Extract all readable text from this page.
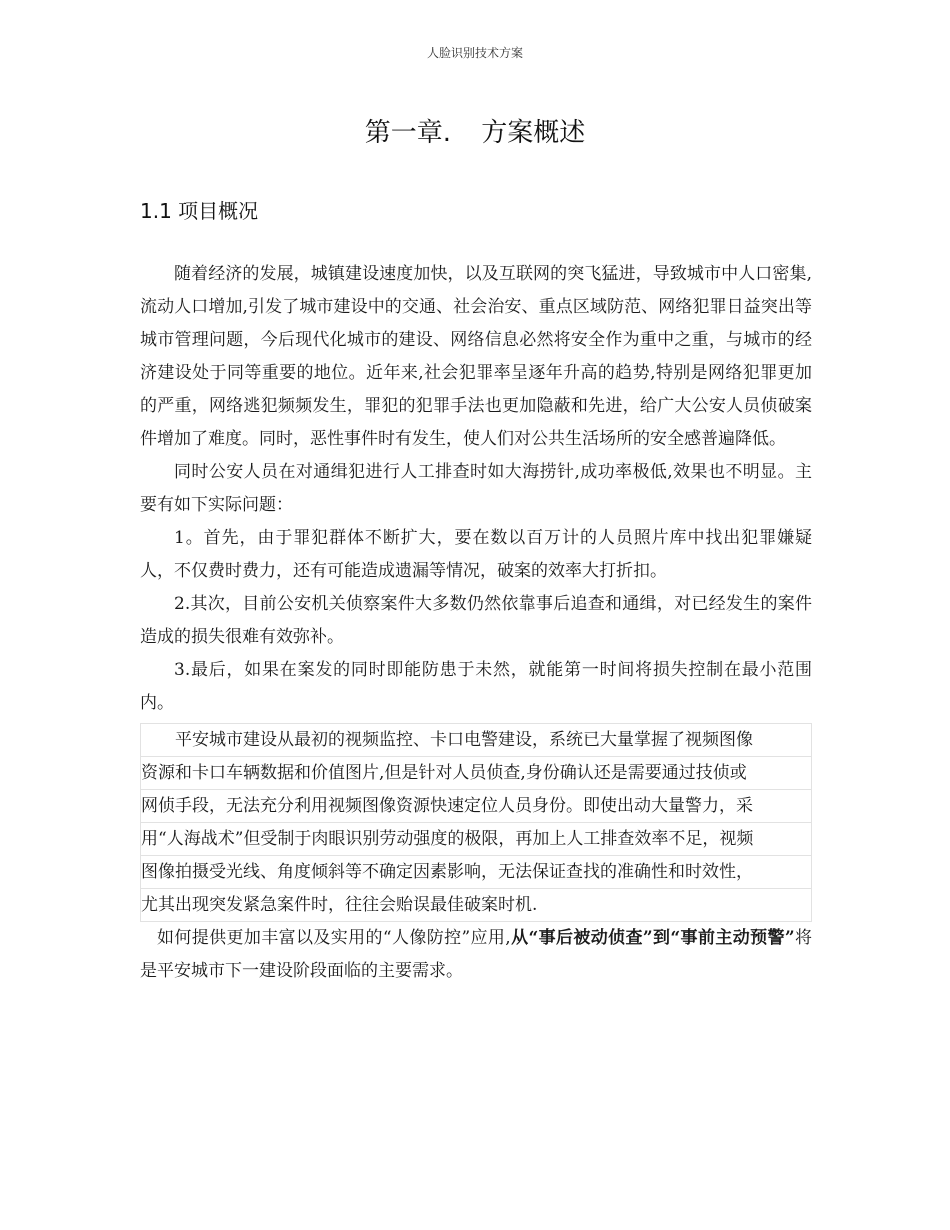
人脸识别技术方案
第一章. 方案概述
1.1 项目概况

随着经济的发展，城镇建设速度加快，以及互联网的突飞猛进，导致城市中人口密集,流动人口增加,引发了城市建设中的交通、社会治安、重点区域防范、网络犯罪日益突出等城市管理问题，今后现代化城市的建设、网络信息必然将安全作为重中之重，与城市的经济建设处于同等重要的地位。近年来,社会犯罪率呈逐年升高的趋势,特别是网络犯罪更加的严重，网络逃犯频频发生，罪犯的犯罪手法也更加隐蔽和先进，给广大公安人员侦破案件增加了难度。同时，恶性事件时有发生，使人们对公共生活场所的安全感普遍降低。

同时公安人员在对通缉犯进行人工排查时如大海捞针,成功率极低,效果也不明显。主要有如下实际问题：

1。首先，由于罪犯群体不断扩大，要在数以百万计的人员照片库中找出犯罪嫌疑人，不仅费时费力，还有可能造成遗漏等情况，破案的效率大打折扣。

2.其次，目前公安机关侦察案件大多数仍然依靠事后追查和通缉，对已经发生的案件造成的损失很难有效弥补。

3.最后，如果在案发的同时即能防患于未然，就能第一时间将损失控制在最小范围内。

平安城市建设从最初的视频监控、卡口电警建设，系统已大量掌握了视频图像
资源和卡口车辆数据和价值图片,但是针对人员侦查,身份确认还是需要通过技侦或
网侦手段，无法充分利用视频图像资源快速定位人员身份。即使出动大量警力，采
用“人海战术”但受制于肉眼识别劳动强度的极限，再加上人工排查效率不足，视频
图像拍摄受光线、角度倾斜等不确定因素影响，无法保证查找的准确性和时效性，
尤其出现突发紧急案件时，往往会贻误最佳破案时机.

如何提供更加丰富以及实用的“人像防控”应用,从“事后被动侦查”到“事前主动预警”将是平安城市下一建设阶段面临的主要需求。
